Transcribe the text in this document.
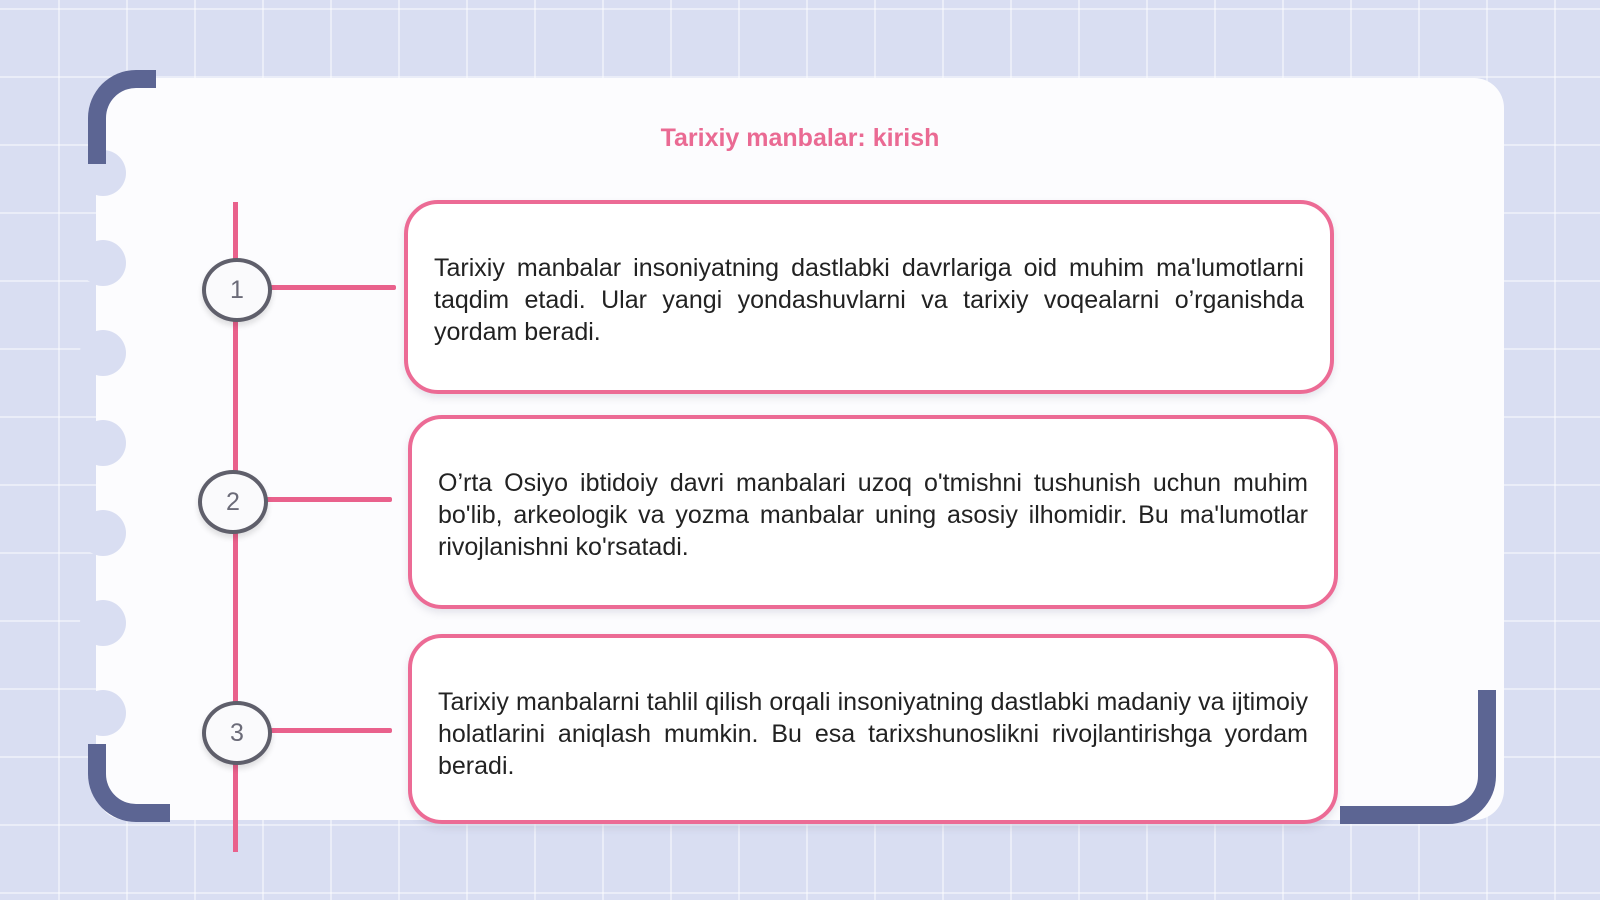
Tarixiy manbalar: kirish
1

Tarixiy manbalar insoniyatning dastlabki davrlariga oid muhim ma'lumotlarni taqdim etadi. Ular yangi yondashuvlarni va tarixiy voqealarni o’rganishda yordam beradi.

2

O’rta Osiyo ibtidoiy davri manbalari uzoq o'tmishni tushunish uchun muhim bo'lib, arkeologik va yozma manbalar uning asosiy ilhomidir. Bu ma'lumotlar rivojlanishni ko'rsatadi.

3

Tarixiy manbalarni tahlil qilish orqali insoniyatning dastlabki madaniy va ijtimoiy holatlarini aniqlash mumkin. Bu esa tarixshunoslikni rivojlantirishga yordam beradi.
